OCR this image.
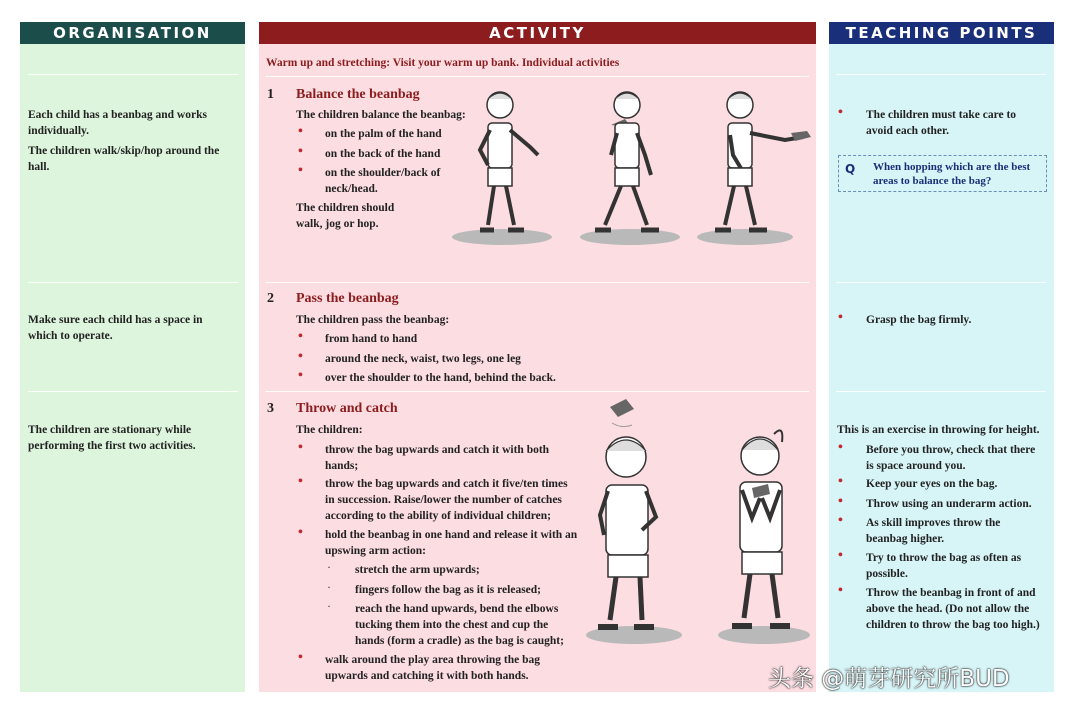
ORGANISATION	ACTIVITY	TEACHING POINTS
Warm up and stretching: Visit your warm up bank. Individual activities
Each child has a beanbag and works individually.
The children walk/skip/hop around the hall.
Make sure each child has a space in which to operate.
The children are stationary while performing the first two activities.
1 Balance the beanbag
The children balance the beanbag:
• on the palm of the hand
• on the back of the hand
• on the shoulder/back of neck/head.
The children should walk, jog or hop.
2 Pass the beanbag
The children pass the beanbag:
• from hand to hand
• around the neck, waist, two legs, one leg
• over the shoulder to the hand, behind the back.
3 Throw and catch
The children:
• throw the bag upwards and catch it with both hands;
• throw the bag upwards and catch it five/ten times in succession. Raise/lower the number of catches according to the ability of individual children;
• hold the beanbag in one hand and release it with an upswing arm action:
· stretch the arm upwards;
· fingers follow the bag as it is released;
· reach the hand upwards, bend the elbows tucking them into the chest and cup the hands (form a cradle) as the bag is caught;
• walk around the play area throwing the bag upwards and catching it with both hands.
• The children must take care to avoid each other.
Q When hopping which are the best areas to balance the bag?
• Grasp the bag firmly.
This is an exercise in throwing for height.
• Before you throw, check that there is space around you.
• Keep your eyes on the bag.
• Throw using an underarm action.
• As skill improves throw the beanbag higher.
• Try to throw the bag as often as possible.
• Throw the beanbag in front of and above the head. (Do not allow the children to throw the bag too high.)
头条 @萌芽研究所BUD
